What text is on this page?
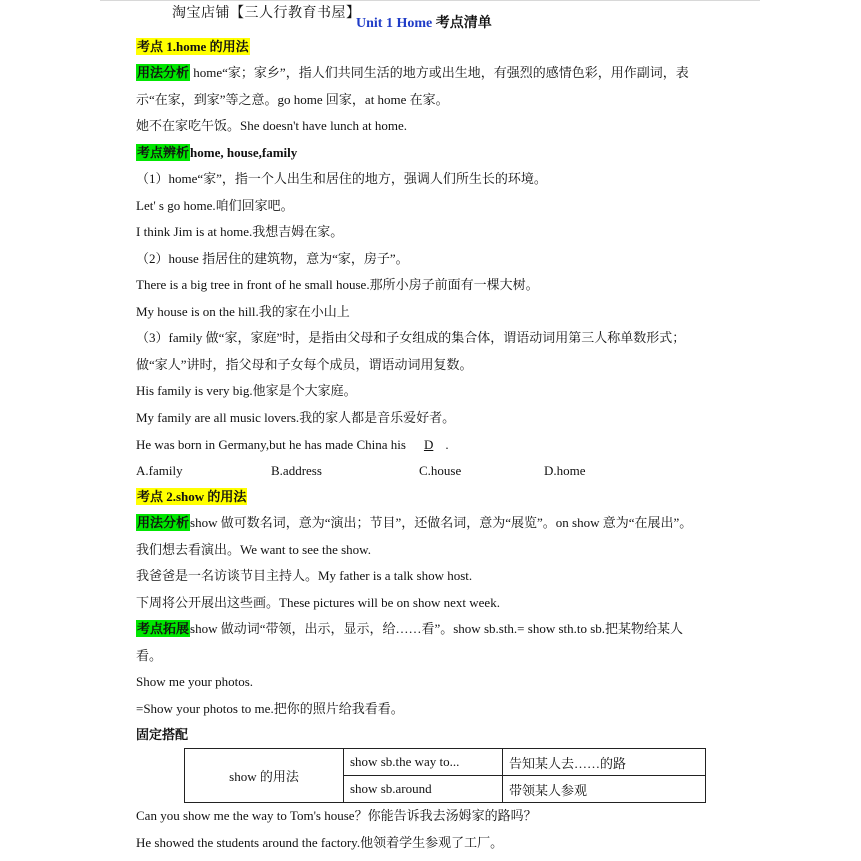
淘宝店铺【三人行教育书屋】
Unit 1 Home 考点清单
考点 1.home 的用法
用法分析 home“家；家乡”，指人们共同生活的地方或出生地，有强烈的感情色彩，用作副词，表
示“在家，到家”等之意。go home 回家，at home 在家。
她不在家吃午饭。She doesn't have lunch at home.
考点辨析home, house,family
（1）home“家”，指一个人出生和居住的地方，强调人们所生长的环境。
Let' s go home.咱们回家吧。
I think Jim is at home.我想吉姆在家。
（2）house 指居住的建筑物，意为“家，房子”。
There is a big tree in front of he small house.那所小房子前面有一棵大树。
My house is on the hill.我的家在小山上
（3）family 做“家，家庭”时，是指由父母和子女组成的集合体，谓语动词用第三人称单数形式；
做“家人”讲时，指父母和子女每个成员，谓语动词用复数。
His family is very big.他家是个大家庭。
My family are all music lovers.我的家人都是音乐爱好者。
He was born in Germany,but he has made China his D .
A.family	B.address	C.house	D.home
考点 2.show 的用法
用法分析show 做可数名词，意为“演出；节目”，还做名词，意为“展览”。on show 意为“在展出”。
我们想去看演出。We want to see the show.
我爸爸是一名访谈节目主持人。My father is a talk show host.
下周将公开展出这些画。These pictures will be on show next week.
考点拓展show 做动词“带领，出示，显示，给……看”。show sb.sth.= show sth.to sb.把某物给某人
看。
Show me your photos.
=Show your photos to me.把你的照片给我看看。
固定搭配
show 的用法	show sb.the way to...	告知某人去……的路
	show sb.around	带领某人参观
Can you show me the way to Tom's house？你能告诉我去汤姆家的路吗？
He showed the students around the factory.他领着学生参观了工厂。
